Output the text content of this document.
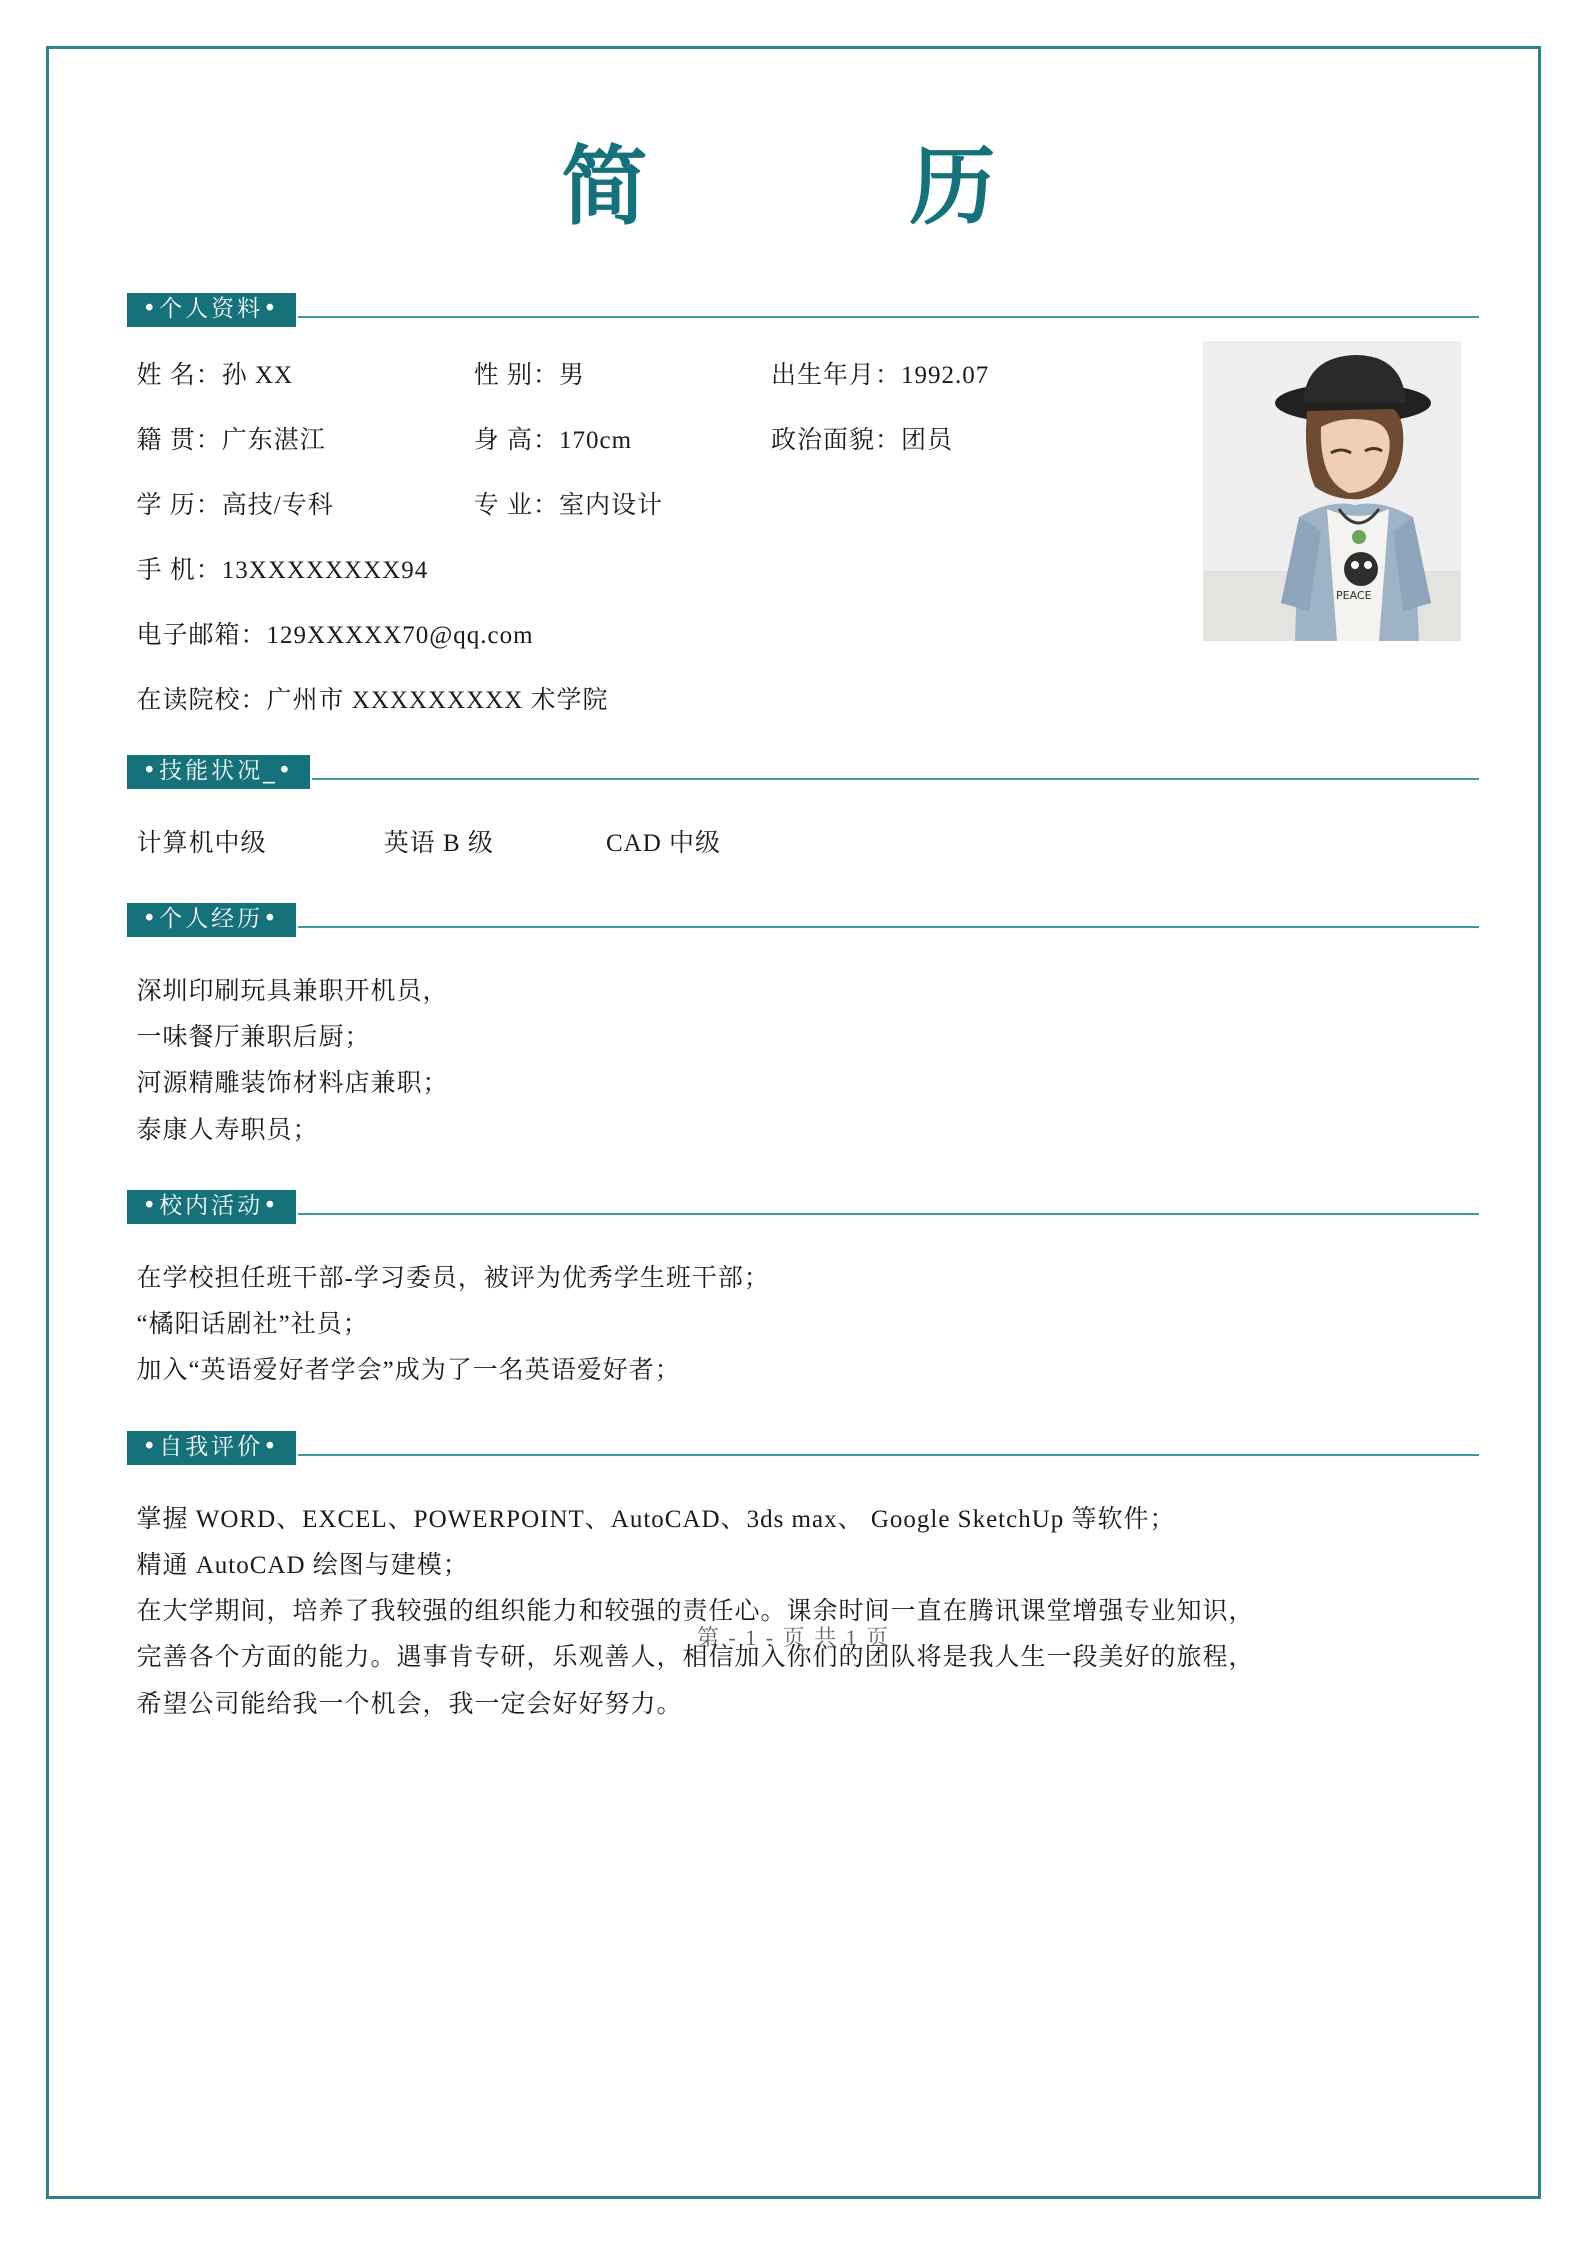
简　　历
•个人资料•
PEACE
姓 名：孙 XX	性 别：男	出生年月：1992.07
籍 贯：广东湛江	身 高：170cm	政治面貌：团员
学 历：高技/专科	专 业：室内设计
手 机：13XXXXXXXX94
电子邮箱：129XXXXX70@qq.com
在读院校：广州市 XXXXXXXXX 术学院
•技能状况_•
计算机中级	英语 B 级	CAD 中级
•个人经历•
深圳印刷玩具兼职开机员，
一味餐厅兼职后厨；
河源精雕装饰材料店兼职；
泰康人寿职员；
•校内活动•
在学校担任班干部-学习委员，被评为优秀学生班干部；
“橘阳话剧社”社员；
加入“英语爱好者学会”成为了一名英语爱好者；
•自我评价•
掌握 WORD、EXCEL、POWERPOINT、AutoCAD、3ds max、 Google SketchUp 等软件；
精通 AutoCAD 绘图与建模；
在大学期间，培养了我较强的组织能力和较强的责任心。课余时间一直在腾讯课堂增强专业知识，
完善各个方面的能力。遇事肯专研，乐观善人，相信加入你们的团队将是我人生一段美好的旅程，
希望公司能给我一个机会，我一定会好好努力。
第 - 1 - 页 共 1 页
